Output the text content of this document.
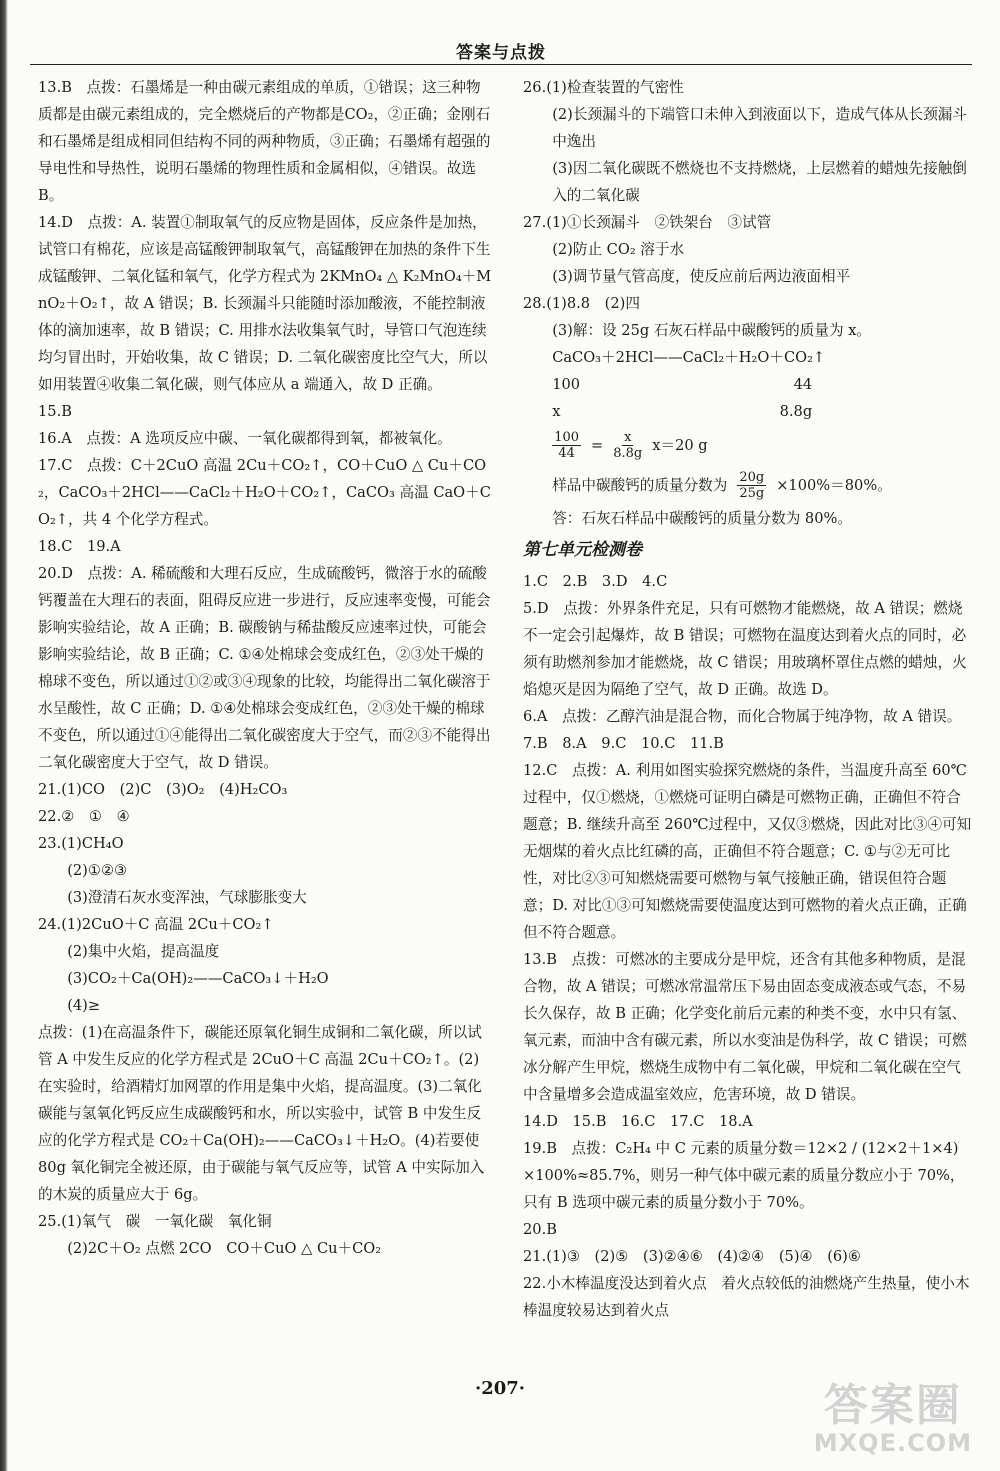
答案与点拨

13.B　点拨：石墨烯是一种由碳元素组成的单质，①错误；这三种物质都是由碳元素组成的，完全燃烧后的产物都是CO₂，②正确；金刚石和石墨烯是组成相同但结构不同的两种物质，③正确；石墨烯有超强的导电性和导热性，说明石墨烯的物理性质和金属相似，④错误。故选 B。

14.D　点拨：A. 装置①制取氧气的反应物是固体，反应条件是加热，试管口有棉花，应该是高锰酸钾制取氧气，高锰酸钾在加热的条件下生成锰酸钾、二氧化锰和氧气，化学方程式为 2KMnO₄ △ K₂MnO₄＋MnO₂＋O₂↑，故 A 错误；B. 长颈漏斗只能随时添加酸液，不能控制液体的滴加速率，故 B 错误；C. 用排水法收集氧气时，导管口气泡连续均匀冒出时，开始收集，故 C 错误；D. 二氧化碳密度比空气大，所以如用装置④收集二氧化碳，则气体应从 a 端通入，故 D 正确。

15.B

16.A　点拨：A 选项反应中碳、一氧化碳都得到氧，都被氧化。

17.C　点拨：C＋2CuO 高温 2Cu＋CO₂↑，CO＋CuO △ Cu＋CO₂，CaCO₃＋2HCl——CaCl₂＋H₂O＋CO₂↑，CaCO₃ 高温 CaO＋CO₂↑，共 4 个化学方程式。

18.C　19.A

20.D　点拨：A. 稀硫酸和大理石反应，生成硫酸钙，微溶于水的硫酸钙覆盖在大理石的表面，阻碍反应进一步进行，反应速率变慢，可能会影响实验结论，故 A 正确；B. 碳酸钠与稀盐酸反应速率过快，可能会影响实验结论，故 B 正确；C. ①④处棉球会变成红色，②③处干燥的棉球不变色，所以通过①②或③④现象的比较，均能得出二氧化碳溶于水呈酸性，故 C 正确；D. ①④处棉球会变成红色，②③处干燥的棉球不变色，所以通过①④能得出二氧化碳密度大于空气，而②③不能得出二氧化碳密度大于空气，故 D 错误。

21.(1)CO　(2)C　(3)O₂　(4)H₂CO₃

22.②　①　④

23.(1)CH₄O

(2)①②③

(3)澄清石灰水变浑浊，气球膨胀变大

24.(1)2CuO＋C 高温 2Cu＋CO₂↑

(2)集中火焰，提高温度

(3)CO₂＋Ca(OH)₂——CaCO₃↓＋H₂O

(4)≥

点拨：(1)在高温条件下，碳能还原氧化铜生成铜和二氧化碳，所以试管 A 中发生反应的化学方程式是 2CuO＋C 高温 2Cu＋CO₂↑。(2)在实验时，给酒精灯加网罩的作用是集中火焰，提高温度。(3)二氧化碳能与氢氧化钙反应生成碳酸钙和水，所以实验中，试管 B 中发生反应的化学方程式是 CO₂＋Ca(OH)₂——CaCO₃↓＋H₂O。(4)若要使 80g 氧化铜完全被还原，由于碳能与氧气反应等，试管 A 中实际加入的木炭的质量应大于 6g。

25.(1)氧气　碳　一氧化碳　氧化铜

(2)2C＋O₂ 点燃 2CO　CO＋CuO △ Cu＋CO₂

26.(1)检查装置的气密性

(2)长颈漏斗的下端管口未伸入到液面以下，造成气体从长颈漏斗中逸出

(3)因二氧化碳既不燃烧也不支持燃烧，上层燃着的蜡烛先接触倒入的二氧化碳

27.(1)①长颈漏斗　②铁架台　③试管

(2)防止 CO₂ 溶于水

(3)调节量气管高度，使反应前后两边液面相平

28.(1)8.8　(2)四

(3)解：设 25g 石灰石样品中碳酸钙的质量为 x。

CaCO₃＋2HCl——CaCl₂＋H₂O＋CO₂↑

100	44
x	8.8g
$\frac{100}{44} = \frac{x}{8.8g} x=20$ g
样品中碳酸钙的质量分数为 $\frac{20g}{25g} \times 100\%=80\%$。

答：石灰石样品中碳酸钙的质量分数为 80%。

第七单元检测卷

1.C　2.B　3.D　4.C

5.D　点拨：外界条件充足，只有可燃物才能燃烧，故 A 错误；燃烧不一定会引起爆炸，故 B 错误；可燃物在温度达到着火点的同时，必须有助燃剂参加才能燃烧，故 C 错误；用玻璃杯罩住点燃的蜡烛，火焰熄灭是因为隔绝了空气，故 D 正确。故选 D。

6.A　点拨：乙醇汽油是混合物，而化合物属于纯净物，故 A 错误。

7.B　8.A　9.C　10.C　11.B

12.C　点拨：A. 利用如图实验探究燃烧的条件，当温度升高至 60℃过程中，仅①燃烧，①燃烧可证明白磷是可燃物正确，正确但不符合题意；B. 继续升高至 260℃过程中，又仅③燃烧，因此对比③④可知无烟煤的着火点比红磷的高，正确但不符合题意；C. ①与②无可比性，对比②③可知燃烧需要可燃物与氧气接触正确，错误但符合题意；D. 对比①③可知燃烧需要使温度达到可燃物的着火点正确，正确但不符合题意。

13.B　点拨：可燃冰的主要成分是甲烷，还含有其他多种物质，是混合物，故 A 错误；可燃冰常温常压下易由固态变成液态或气态，不易长久保存，故 B 正确；化学变化前后元素的种类不变，水中只有氢、氧元素，而油中含有碳元素，所以水变油是伪科学，故 C 错误；可燃冰分解产生甲烷，燃烧生成物中有二氧化碳，甲烷和二氧化碳在空气中含量增多会造成温室效应，危害环境，故 D 错误。

14.D　15.B　16.C　17.C　18.A

19.B　点拨：C₂H₄ 中 C 元素的质量分数＝12×2 / (12×2＋1×4) ×100%≈85.7%，则另一种气体中碳元素的质量分数应小于 70%，只有 B 选项中碳元素的质量分数小于 70%。

20.B

21.(1)③　(2)⑤　(3)②④⑥　(4)②④　(5)④　(6)⑥

22.小木棒温度没达到着火点　着火点较低的油燃烧产生热量，使小木棒温度较易达到着火点

·207·	答案圈
MXQE.COM
